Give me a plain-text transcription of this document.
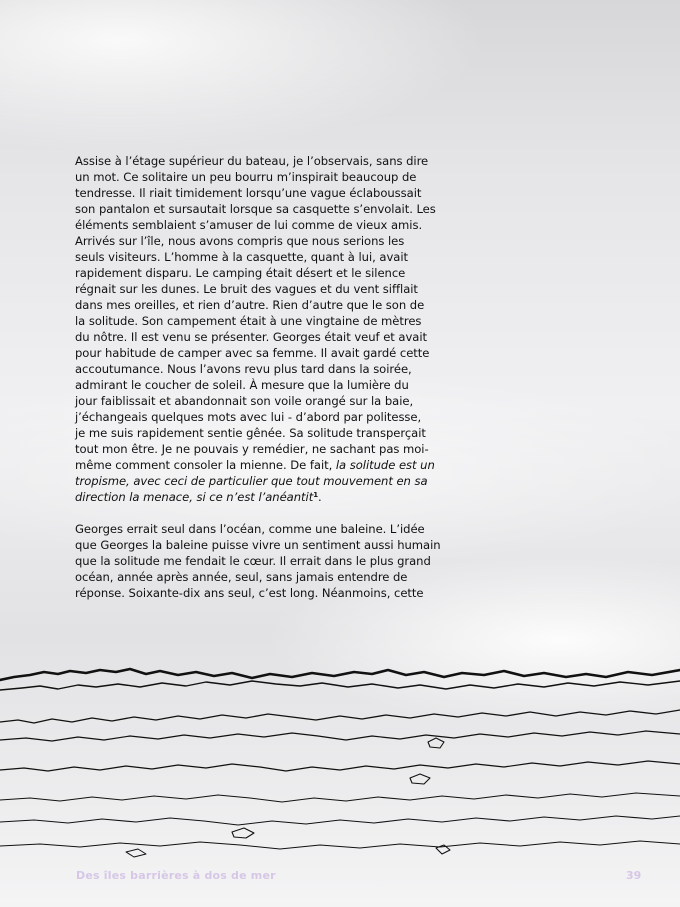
Assise à l’étage supérieur du bateau, je l’observais, sans dire
un mot. Ce solitaire un peu bourru m’inspirait beaucoup de
tendresse. Il riait timidement lorsqu’une vague éclaboussait
son pantalon et sursautait lorsque sa casquette s’envolait. Les
éléments semblaient s’amuser de lui comme de vieux amis.
Arrivés sur l’île, nous avons compris que nous serions les
seuls visiteurs. L’homme à la casquette, quant à lui, avait
rapidement disparu. Le camping était désert et le silence
régnait sur les dunes. Le bruit des vagues et du vent sifflait
dans mes oreilles, et rien d’autre. Rien d’autre que le son de
la solitude. Son campement était à une vingtaine de mètres
du nôtre. Il est venu se présenter. Georges était veuf et avait
pour habitude de camper avec sa femme. Il avait gardé cette
accoutumance. Nous l’avons revu plus tard dans la soirée,
admirant le coucher de soleil. À mesure que la lumière du
jour faiblissait et abandonnait son voile orangé sur la baie,
j’échangeais quelques mots avec lui - d’abord par politesse,
je me suis rapidement sentie gênée. Sa solitude transperçait
tout mon être. Je ne pouvais y remédier, ne sachant pas moi-
même comment consoler la mienne. De fait, la solitude est un
tropisme, avec ceci de particulier que tout mouvement en sa
direction la menace, si ce n’est l’anéantit$^1$.

Georges errait seul dans l’océan, comme une baleine. L’idée
que Georges la baleine puisse vivre un sentiment aussi humain
que la solitude me fendait le cœur. Il errait dans le plus grand
océan, année après année, seul, sans jamais entendre de
réponse. Soixante-dix ans seul, c’est long. Néanmoins, cette

Des îles barrières à dos de mer	39
